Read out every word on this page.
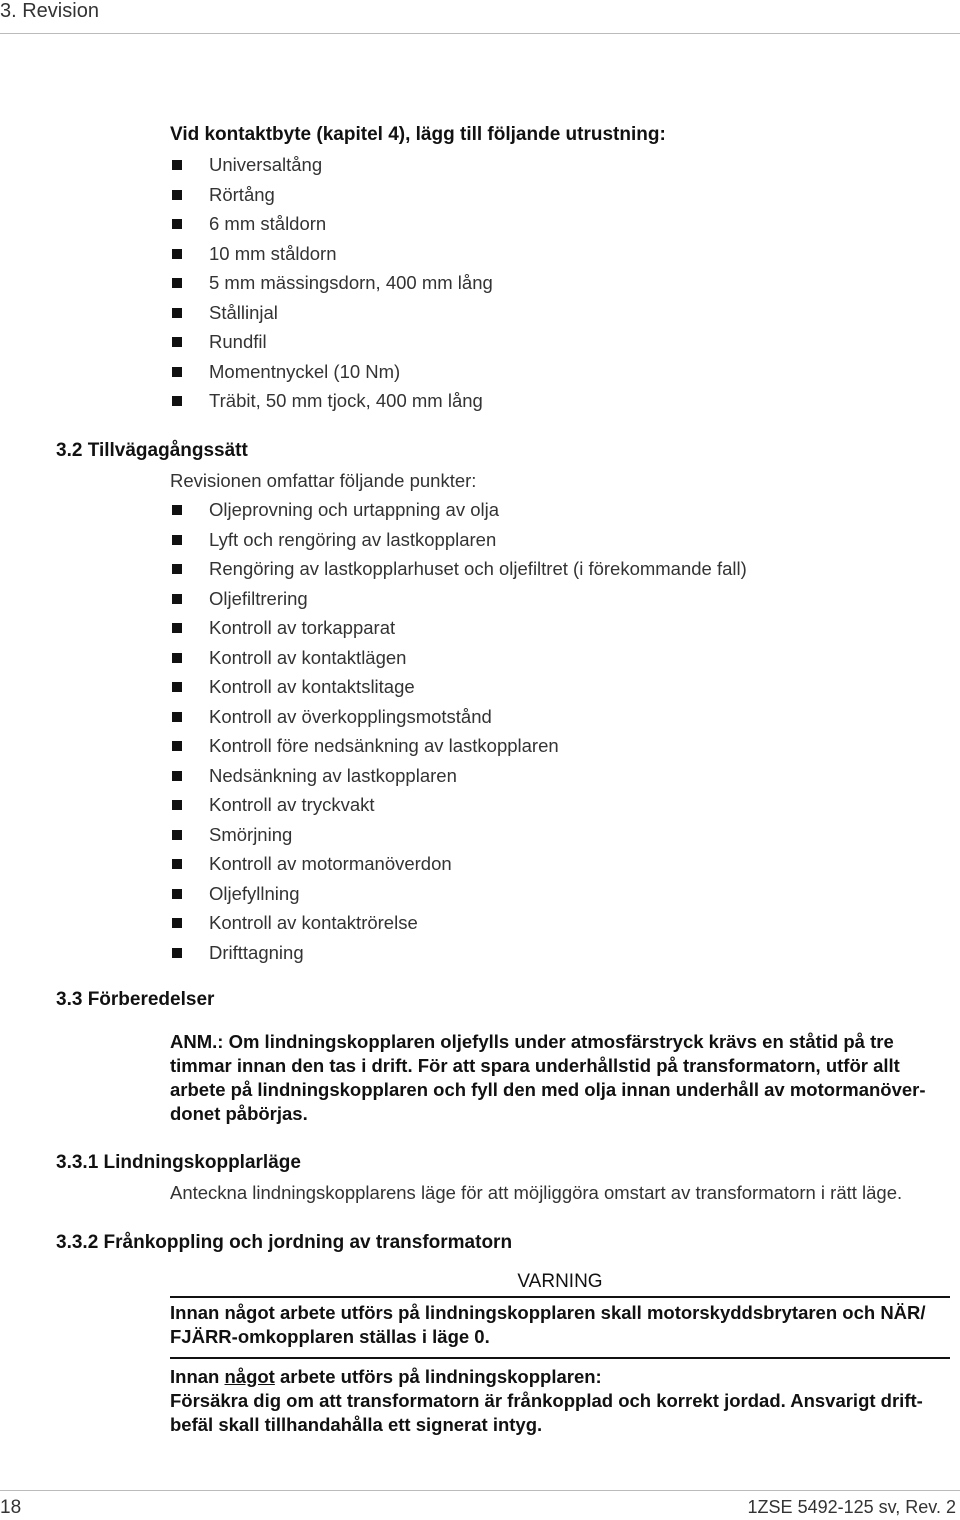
3. Revision
Vid kontaktbyte (kapitel 4), lägg till följande utrustning:
Universaltång
Rörtång
6 mm ståldorn
10 mm ståldorn
5 mm mässingsdorn, 400 mm lång
Stållinjal
Rundfil
Momentnyckel (10 Nm)
Träbit, 50 mm tjock, 400 mm lång
3.2 Tillvägagångssätt
Revisionen omfattar följande punkter:
Oljeprovning och urtappning av olja
Lyft och rengöring av lastkopplaren
Rengöring av lastkopplarhuset och oljefiltret (i förekommande fall)
Oljefiltrering
Kontroll av torkapparat
Kontroll av kontaktlägen
Kontroll av kontaktslitage
Kontroll av överkopplingsmotstånd
Kontroll före nedsänkning av lastkopplaren
Nedsänkning av lastkopplaren
Kontroll av tryckvakt
Smörjning
Kontroll av motormanöverdon
Oljefyllning
Kontroll av kontaktrörelse
Drifttagning
3.3 Förberedelser
ANM.: Om lindningskopplaren oljefylls under atmosfärstryck krävs en ståtid på tre
timmar innan den tas i drift. För att spara underhållstid på transformatorn, utför allt
arbete på lindningskopplaren och fyll den med olja innan underhåll av motormanöver-
donet påbörjas.
3.3.1 Lindningskopplarläge
Anteckna lindningskopplarens läge för att möjliggöra omstart av transformatorn i rätt läge.
3.3.2 Frånkoppling och jordning av transformatorn
VARNING
Innan något arbete utförs på lindningskopplaren skall motorskyddsbrytaren och NÄR/
FJÄRR-omkopplaren ställas i läge 0.
Innan något arbete utförs på lindningskopplaren:
Försäkra dig om att transformatorn är frånkopplad och korrekt jordad. Ansvarigt drift-
befäl skall tillhandahålla ett signerat intyg.
18	1ZSE 5492-125 sv, Rev. 2
